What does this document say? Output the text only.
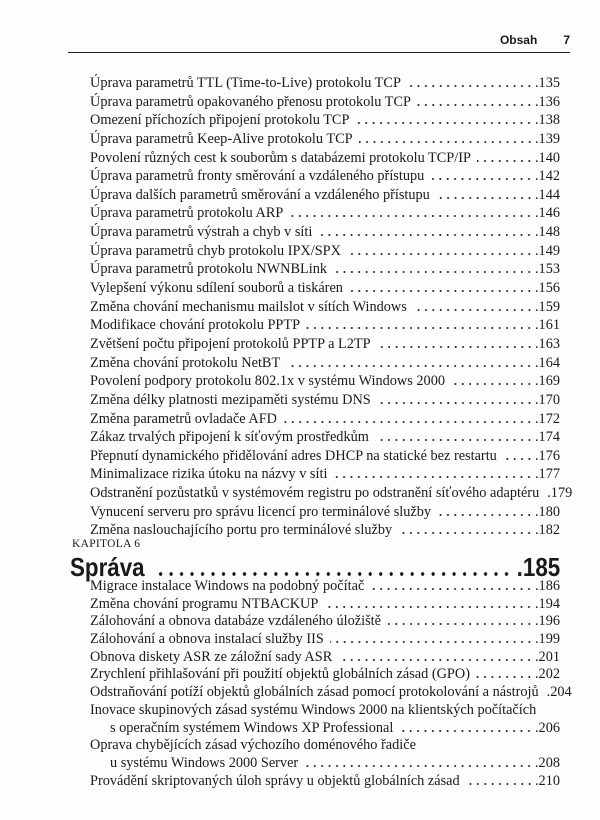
Obsah 7
Úprava parametrů TTL (Time-to-Live) protokolu TCP	. 135
Úprava parametrů opakovaného přenosu protokolu TCP	. 136
Omezení příchozích připojení protokolu TCP	. 138
Úprava parametrů Keep-Alive protokolu TCP	. 139
Povolení různých cest k souborům s databázemi protokolu TCP/IP	. 140
Úprava parametrů fronty směrování a vzdáleného přístupu	. 142
Úprava dalších parametrů směrování a vzdáleného přístupu	. 144
Úprava parametrů protokolu ARP	. 146
Úprava parametrů výstrah a chyb v síti	. 148
Úprava parametrů chyb protokolu IPX/SPX	. 149
Úprava parametrů protokolu NWNBLink	. 153
Vylepšení výkonu sdílení souborů a tiskáren	. 156
Změna chování mechanismu mailslot v sítích Windows	. 159
Modifikace chování protokolu PPTP	. 161
Zvětšení počtu připojení protokolů PPTP a L2TP	. 163
Změna chování protokolu NetBT	. 164
Povolení podpory protokolu 802.1x v systému Windows 2000	. 169
Změna délky platnosti mezipaměti systému DNS	. 170
Změna parametrů ovladače AFD	. 172
Zákaz trvalých připojení k síťovým prostředkům	. 174
Přepnutí dynamického přidělování adres DHCP na statické bez restartu	. 176
Minimalizace rizika útoku na názvy v síti	. 177
Odstranění pozůstatků v systémovém registru po odstranění síťového adaptéru . 179
Vynucení serveru pro správu licencí pro terminálové služby	. 180
Změna naslouchajícího portu pro terminálové služby	. 182
KAPITOLA 6
Správa	. 185
Migrace instalace Windows na podobný počítač	. 186
Změna chování programu NTBACKUP	. 194
Zálohování a obnova databáze vzdáleného úložiště	. 196
Zálohování a obnova instalací služby IIS	. 199
Obnova diskety ASR ze záložní sady ASR	. 201
Zrychlení přihlašování při použití objektů globálních zásad (GPO)	. 202
Odstraňování potíží objektů globálních zásad pomocí protokolování a nástrojů . 204
Inovace skupinových zásad systému Windows 2000 na klientských počítačích
s operačním systémem Windows XP Professional	. 206
Oprava chybějících zásad výchozího doménového řadiče
u systému Windows 2000 Server	. 208
Provádění skriptovaných úloh správy u objektů globálních zásad	. 210
